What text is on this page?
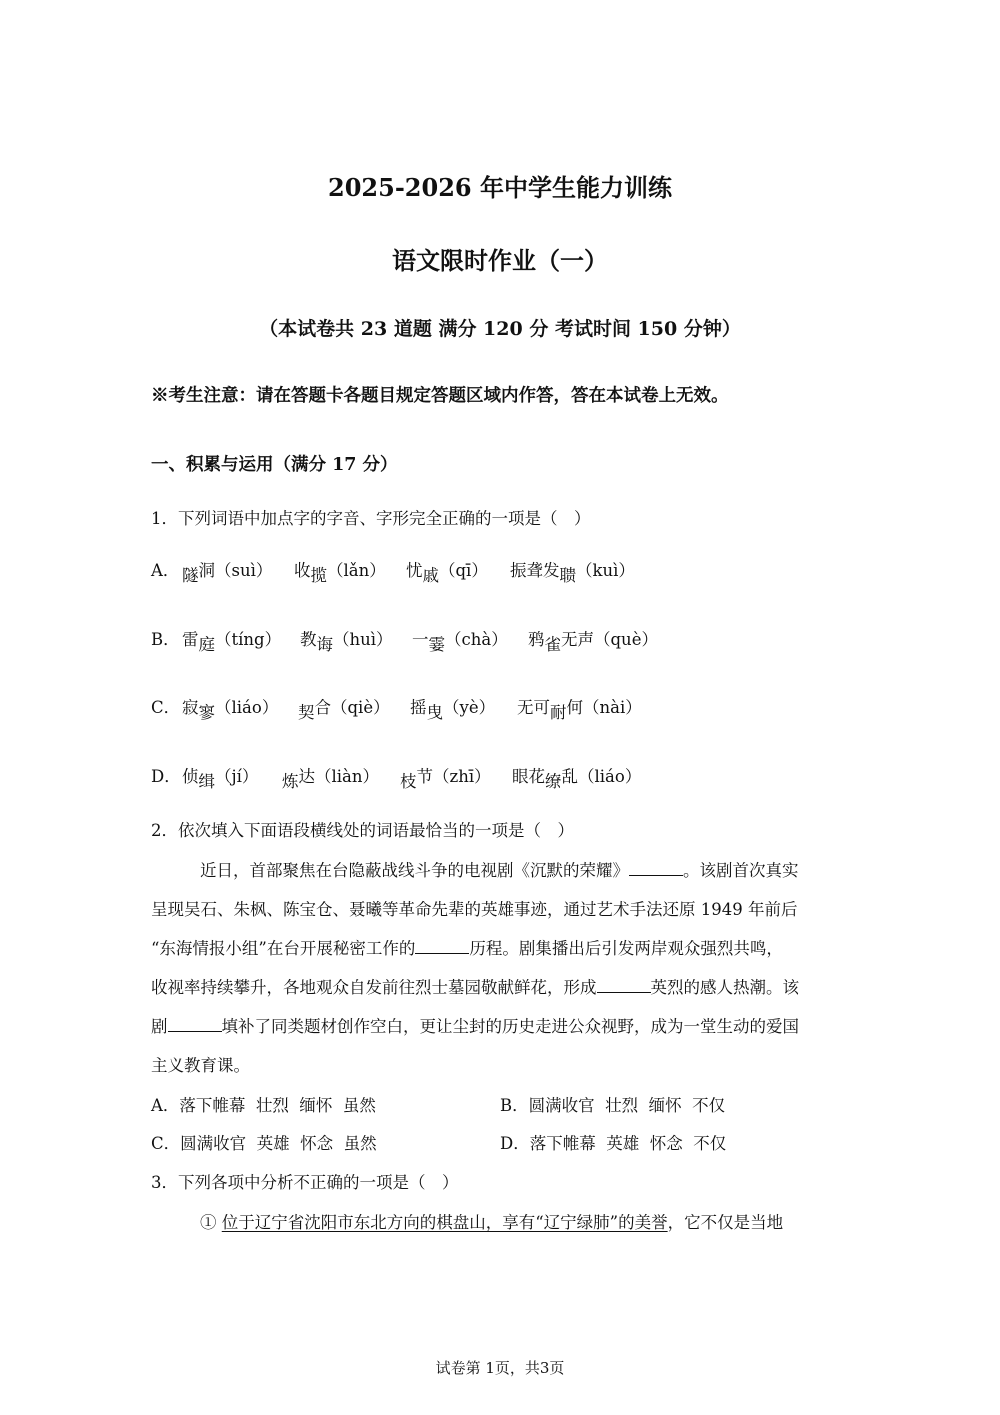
2025-2026 年中学生能力训练
语文限时作业（一）
（本试卷共 23 道题 满分 120 分 考试时间 150 分钟）
※考生注意：请在答题卡各题目规定答题区域内作答，答在本试卷上无效。
一、积累与运用（满分 17 分）
1．下列词语中加点字的字音、字形完全正确的一项是（　）
A． 隧洞（suì） 收揽（lǎn） 忧戚（qī） 振聋发聩（kuì）
B． 雷庭（tíng） 教诲（huì） 一霎（chà） 鸦雀无声（què）
C． 寂寥（liáo） 契合（qiè） 摇曳（yè） 无可耐何（nài）
D． 侦缉（jí） 炼达（liàn） 枝节（zhī） 眼花缭乱（liáo）
2．依次填入下面语段横线处的词语最恰当的一项是（　）
近日，首部聚焦在台隐蔽战线斗争的电视剧《沉默的荣耀》	。该剧首次真实
呈现吴石、朱枫、陈宝仓、聂曦等革命先辈的英雄事迹，通过艺术手法还原 1949 年前后
“东海情报小组”在台开展秘密工作的	历程。剧集播出后引发两岸观众强烈共鸣，
收视率持续攀升，各地观众自发前往烈士墓园敬献鲜花，形成	英烈的感人热潮。该
剧	填补了同类题材创作空白，更让尘封的历史走进公众视野，成为一堂生动的爱国
主义教育课。
A．落下帷幕  壮烈  缅怀  虽然	B．圆满收官  壮烈  缅怀  不仅
C．圆满收官  英雄  怀念  虽然	D．落下帷幕  英雄  怀念  不仅
3．下列各项中分析不正确的一项是（　）
① 位于辽宁省沈阳市东北方向的棋盘山，享有“辽宁绿肺”的美誉，它不仅是当地
试卷第 1页，共3页
